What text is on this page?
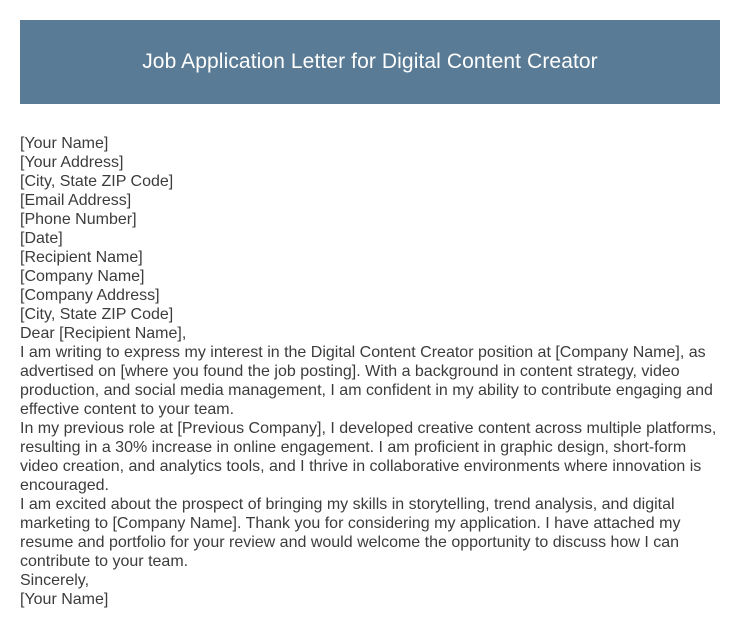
Job Application Letter for Digital Content Creator
[Your Name]
[Your Address]
[City, State ZIP Code]
[Email Address]
[Phone Number]
[Date]
[Recipient Name]
[Company Name]
[Company Address]
[City, State ZIP Code]
Dear [Recipient Name],
I am writing to express my interest in the Digital Content Creator position at [Company Name], as advertised on [where you found the job posting]. With a background in content strategy, video production, and social media management, I am confident in my ability to contribute engaging and effective content to your team.
In my previous role at [Previous Company], I developed creative content across multiple platforms, resulting in a 30% increase in online engagement. I am proficient in graphic design, short-form video creation, and analytics tools, and I thrive in collaborative environments where innovation is encouraged.
I am excited about the prospect of bringing my skills in storytelling, trend analysis, and digital marketing to [Company Name]. Thank you for considering my application. I have attached my resume and portfolio for your review and would welcome the opportunity to discuss how I can contribute to your team.
Sincerely,
[Your Name]
